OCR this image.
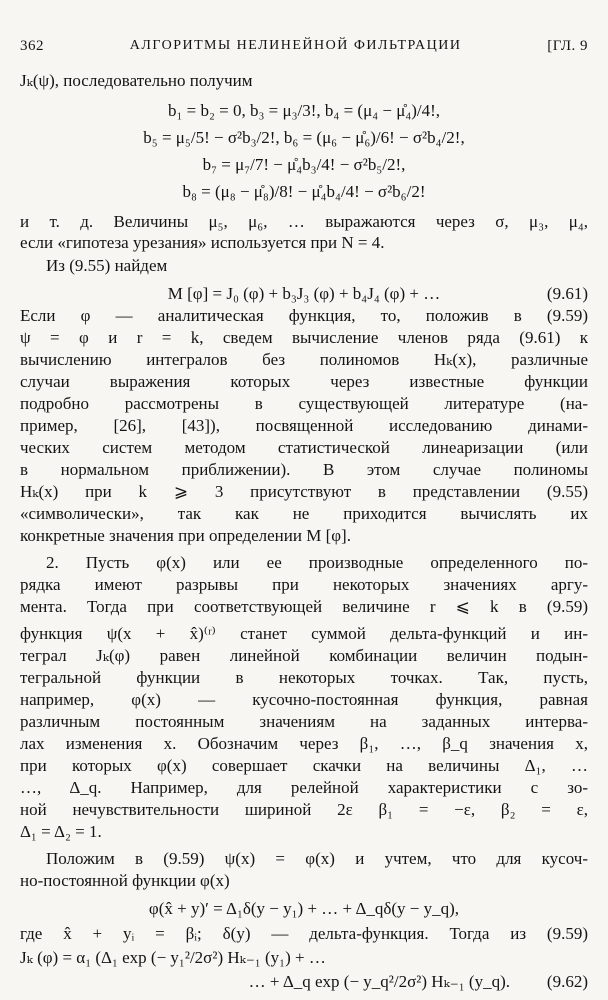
362	АЛГОРИТМЫ НЕЛИНЕЙНОЙ ФИЛЬТРАЦИИ	[ГЛ. 9
Jₖ(ψ), последовательно получим
b₁ = b₂ = 0, b₃ = μ₃/3!, b₄ = (μ₄ − μ̊₄)/4!,
b₅ = μ₅/5! − σ²b₃/2!, b₆ = (μ₆ − μ̊₆)/6! − σ²b₄/2!,
b₇ = μ₇/7! − μ̊₄b₃/4! − σ²b₅/2!,
b₈ = (μ₈ − μ̊₈)/8! − μ̊₄b₄/4! − σ²b₆/2!
и т. д. Величины μ₅, μ₆, … выражаются через σ, μ₃, μ₄,
если «гипотеза урезания» используется при N = 4.
Из (9.55) найдем
M [φ] = J₀ (φ) + b₃J₃ (φ) + b₄J₄ (φ) + …	(9.61)
Если φ — аналитическая функция, то, положив в (9.59)
ψ = φ и r = k, сведем вычисление членов ряда (9.61) к
вычислению интегралов без полиномов Hₖ(x), различные
случаи выражения которых через известные функции
подробно рассмотрены в существующей литературе (на-
пример, [26], [43]), посвященной исследованию динами-
ческих систем методом статистической линеаризации (или
в нормальном приближении). В этом случае полиномы
Hₖ(x) при k ⩾ 3 присутствуют в представлении (9.55)
«символически», так как не приходится вычислять их
конкретные значения при определении M [φ].
2. Пусть φ(x) или ее производные определенного по-
рядка имеют разрывы при некоторых значениях аргу-
мента. Тогда при соответствующей величине r ⩽ k в (9.59)
функция ψ(x + x̂)⁽ʳ⁾ станет суммой дельта-функций и ин-
теграл Jₖ(φ) равен линейной комбинации величин подын-
тегральной функции в некоторых точках. Так, пусть,
например, φ(x) — кусочно-постоянная функция, равная
различным постоянным значениям на заданных интерва-
лах изменения x. Обозначим через β₁, …, β_q значения x,
при которых φ(x) совершает скачки на величины Δ₁, …
…, Δ_q. Например, для релейной характеристики с зо-
ной нечувствительности шириной 2ε β₁ = −ε, β₂ = ε,
Δ₁ = Δ₂ = 1.
Положим в (9.59) ψ(x) = φ(x) и учтем, что для кусоч-
но-постоянной функции φ(x)
φ(x̂ + y)′ = Δ₁δ(y − y₁) + … + Δ_qδ(y − y_q),
где x̂ + yᵢ = βᵢ; δ(y) — дельта-функция. Тогда из (9.59)
Jₖ (φ) = α₁ (Δ₁ exp (− y₁²/2σ²) Hₖ₋₁ (y₁) + …
… + Δ_q exp (− y_q²/2σ²) Hₖ₋₁ (y_q).	(9.62)
